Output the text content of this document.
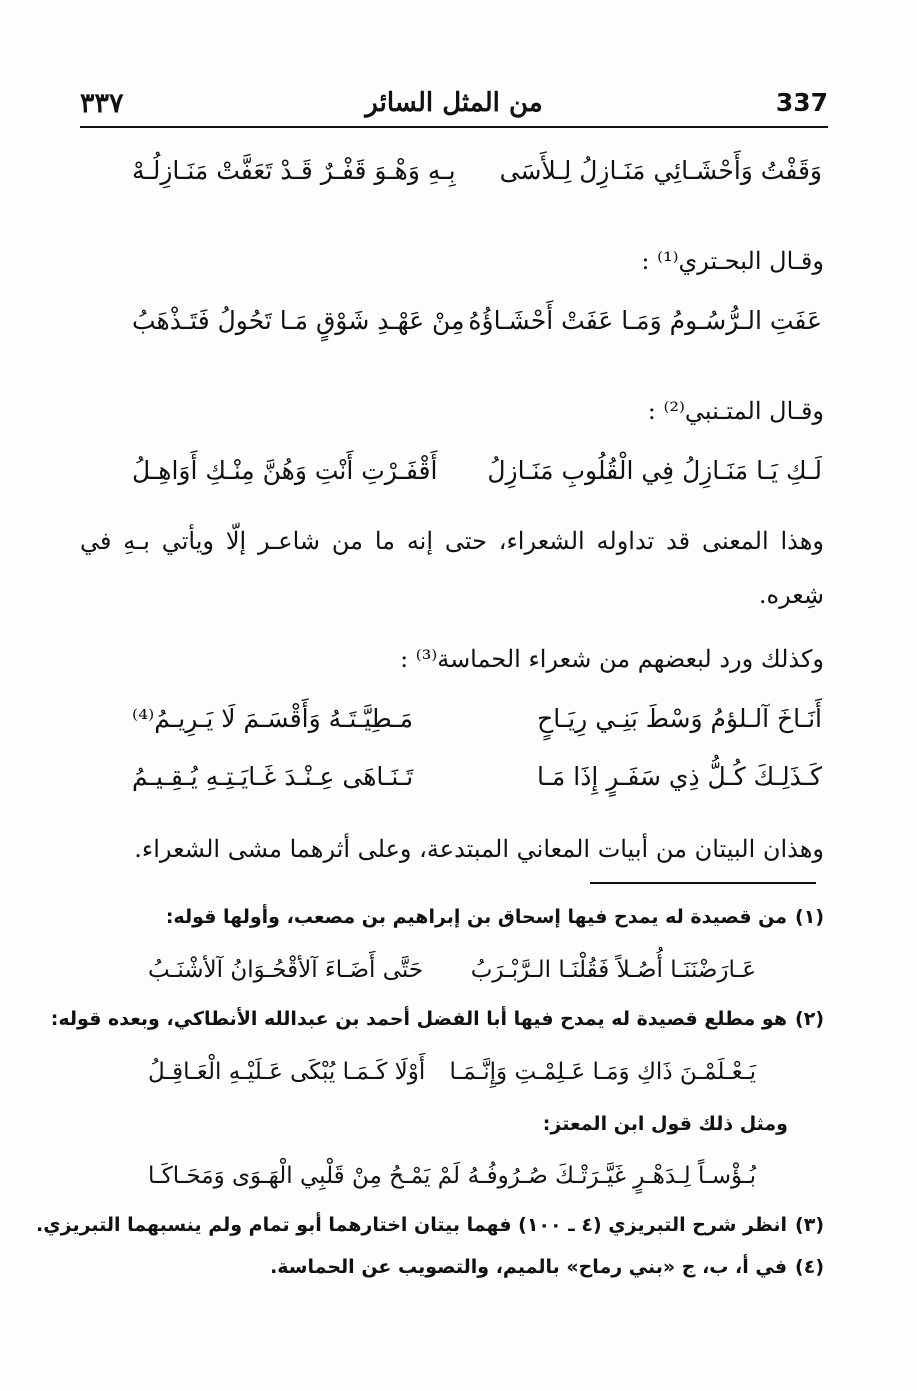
337
من المثل السائر
٣٣٧
وَقَفْتُ وَأَحْشَـائِي مَنَـازِلُ لِـلأَسَى
بِـهِ وَهْـوَ قَفْـرٌ قَـدْ تَعَفَّتْ مَنَـازِلُـهْ
وقـال البحـتري⁽¹⁾ :
عَفَتِ الـرُّسُـومُ وَمَـا عَفَتْ أَحْشَـاؤُهُ
مِنْ عَهْـدِ شَوْقٍ مَـا تَحُولُ فَتَـذْهَبُ
وقـال المتـنبي⁽²⁾ :
لَـكِ يَـا مَنَـازِلُ فِي الْقُلُوبِ مَنَـازِلُ
أَقْفَـرْتِ أَنْتِ وَهُنَّ مِنْـكِ أَوَاهِـلُ
وهذا المعنى قد تداوله الشعراء، حتى إنه ما من شاعـر إلّا ويأتي بـهِ في شِعره.
وكذلك ورد لبعضهم من شعراء الحماسة⁽³⁾ :
أَنَـاخَ آلـلؤمُ وَسْطَ بَنِـي رِيَـاحٍ
مَـطِيَّـتَـهُ وَأَقْسَـمَ لَا يَـرِيـمُ⁽⁴⁾
كَـذَلِـكَ كُـلُّ ذِي سَفَـرٍ إِذَا مَـا
تَـنَـاهَى عِـنْـدَ غَـايَـتِـهِ يُـقِـيـمُ
وهذان البيتان من أبيات المعاني المبتدعة، وعلى أثرهما مشى الشعراء.
(١)من قصيدة له يمدح فيها إسحاق بن إبراهيم بن مصعب، وأولها قوله:
عَـارَضْنَنَـا أُصُـلاً فَقُلْنَـا الـرَّبْـرَبُ
حَتَّى أَضَـاءَ آلأقْحُـوَانُ آلأشْنَـبُ
(٢)هو مطلع قصيدة له يمدح فيها أبا الفضل أحمد بن عبدالله الأنطاكي، وبعده قوله:
يَـعْـلَمْـنَ ذَاكِ وَمَـا عَـلِمْـتِ وَإِنَّـمَـا
أَوْلَا كَـمَـا يُبْكَى عَـلَيْـهِ الْعَـاقِـلُ
ومثل ذلك قول ابن المعتز:
بُـؤْسـاً لِـدَهْـرٍ غَيَّـرَتْـكَ صُـرُوفُـهُ
لَمْ يَمْـحُ مِنْ قَلْبِي الْهَـوَى وَمَحَـاكَـا
(٣)انظر شرح التبريزي (٤ ـ ١٠٠) فهما بيتان اختارهما أبو تمام ولم ينسبهما التبريزي.
(٤)في أ، ب، ج «بني رماح» بالميم، والتصويب عن الحماسة.
